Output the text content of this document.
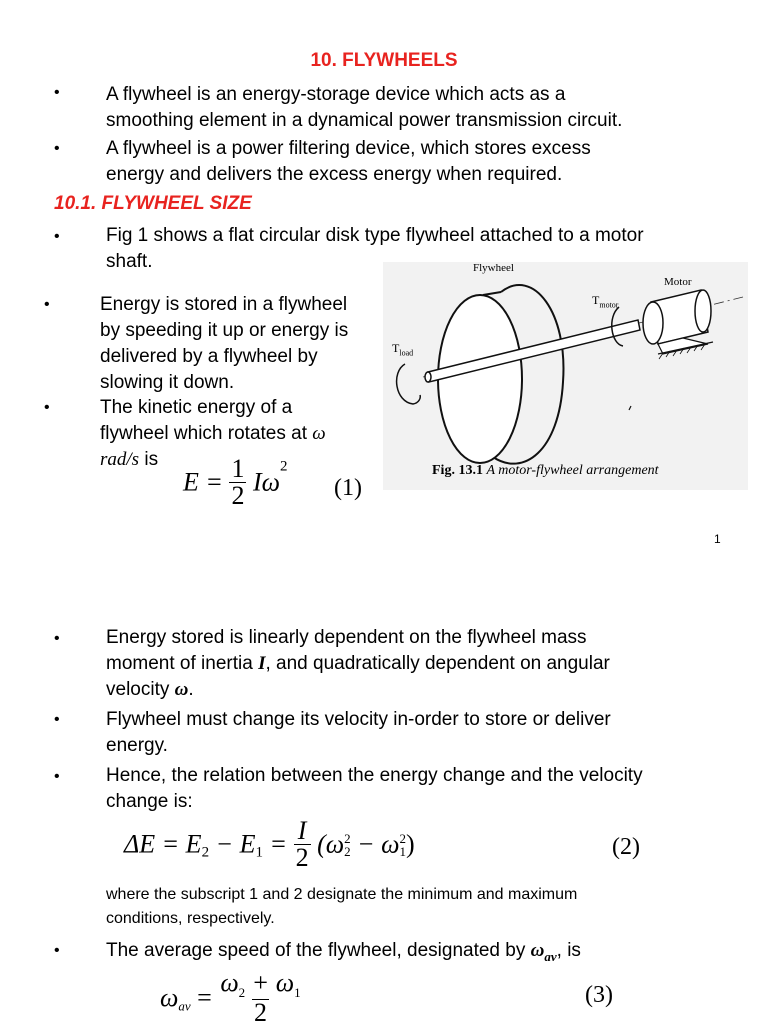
10. FLYWHEELS
• A flywheel is an energy-storage device which acts as a
smoothing element in a dynamical power transmission circuit.
• A flywheel is a power filtering device, which stores excess
energy and delivers the excess energy when required.
10.1. FLYWHEEL SIZE
• Fig 1 shows a flat circular disk type flywheel attached to a motor
shaft.
•	Energy is stored in a flywheel
by speeding it up or energy is
delivered by a flywheel by
slowing it down.
•	The kinetic energy of a
flywheel which rotates at ω
rad/s is
$E = \frac{1}{2} I\omega^2$
(1)
Flywheel
Motor
$T_{motor}$
$T_{load}$
Fig. 13.1 A motor-flywheel arrangement
1
• Energy stored is linearly dependent on the flywheel mass
moment of inertia I, and quadratically dependent on angular
velocity ω.
• Flywheel must change its velocity in-order to store or deliver
energy.
• Hence, the relation between the energy change and the velocity
change is:
$\Delta E = E_2 - E_1 = \frac{I}{2} (\omega$ 2
2 − ω 2
1 )	(2)
where the subscript 1 and 2 designate the minimum and maximum
conditions, respectively.
• The average speed of the flywheel, designated by $\omega_{av}$, is
$\omega_{av} = \frac{\omega_2 + \omega_1}{2}$	(3)
